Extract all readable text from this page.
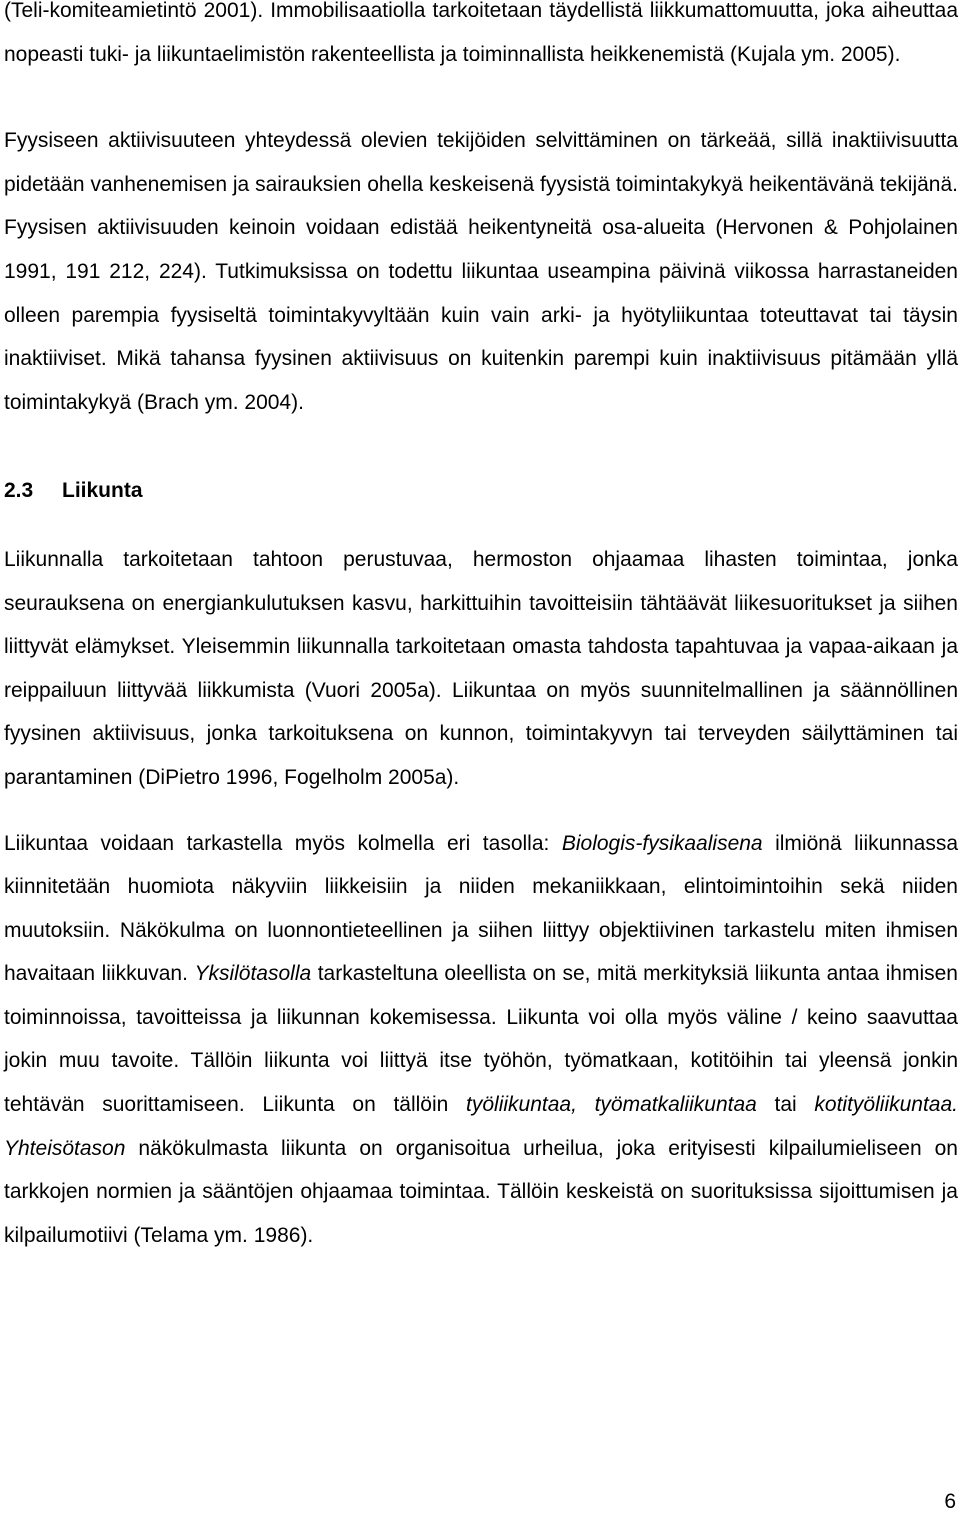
(Teli-komiteamietintö 2001). Immobilisaatiolla tarkoitetaan täydellistä liikkumattomuutta, joka aiheuttaa nopeasti tuki- ja liikuntaelimistön rakenteellista ja toiminnallista heikkenemistä (Kujala ym. 2005).

Fyysiseen aktiivisuuteen yhteydessä olevien tekijöiden selvittäminen on tärkeää, sillä inaktiivisuutta pidetään vanhenemisen ja sairauksien ohella keskeisenä fyysistä toimintakykyä heikentävänä tekijänä. Fyysisen aktiivisuuden keinoin voidaan edistää heikentyneitä osa-alueita (Hervonen & Pohjolainen 1991, 191 212, 224). Tutkimuksissa on todettu liikuntaa useampina päivinä viikossa harrastaneiden olleen parempia fyysiseltä toimintakyvyltään kuin vain arki- ja hyötyliikuntaa toteuttavat tai täysin inaktiiviset. Mikä tahansa fyysinen aktiivisuus on kuitenkin parempi kuin inaktiivisuus pitämään yllä toimintakykyä (Brach ym. 2004).

2.3 Liikunta

Liikunnalla tarkoitetaan tahtoon perustuvaa, hermoston ohjaamaa lihasten toimintaa, jonka seurauksena on energiankulutuksen kasvu, harkittuihin tavoitteisiin tähtäävät liikesuoritukset ja siihen liittyvät elämykset. Yleisemmin liikunnalla tarkoitetaan omasta tahdosta tapahtuvaa ja vapaa-aikaan ja reippailuun liittyvää liikkumista (Vuori 2005a). Liikuntaa on myös suunnitelmallinen ja säännöllinen fyysinen aktiivisuus, jonka tarkoituksena on kunnon, toimintakyvyn tai terveyden säilyttäminen tai parantaminen (DiPietro 1996, Fogelholm 2005a).

Liikuntaa voidaan tarkastella myös kolmella eri tasolla: Biologis-fysikaalisena ilmiönä liikunnassa kiinnitetään huomiota näkyviin liikkeisiin ja niiden mekaniikkaan, elintoimintoihin sekä niiden muutoksiin. Näkökulma on luonnontieteellinen ja siihen liittyy objektiivinen tarkastelu miten ihmisen havaitaan liikkuvan. Yksilötasolla tarkasteltuna oleellista on se, mitä merkityksiä liikunta antaa ihmisen toiminnoissa, tavoitteissa ja liikunnan kokemisessa. Liikunta voi olla myös väline / keino saavuttaa jokin muu tavoite. Tällöin liikunta voi liittyä itse työhön, työmatkaan, kotitöihin tai yleensä jonkin tehtävän suorittamiseen. Liikunta on tällöin työliikuntaa, työmatkaliikuntaa tai kotityöliikuntaa. Yhteisötason näkökulmasta liikunta on organisoitua urheilua, joka erityisesti kilpailumieliseen on tarkkojen normien ja sääntöjen ohjaamaa toimintaa. Tällöin keskeistä on suorituksissa sijoittumisen ja kilpailumotiivi (Telama ym. 1986).

6
